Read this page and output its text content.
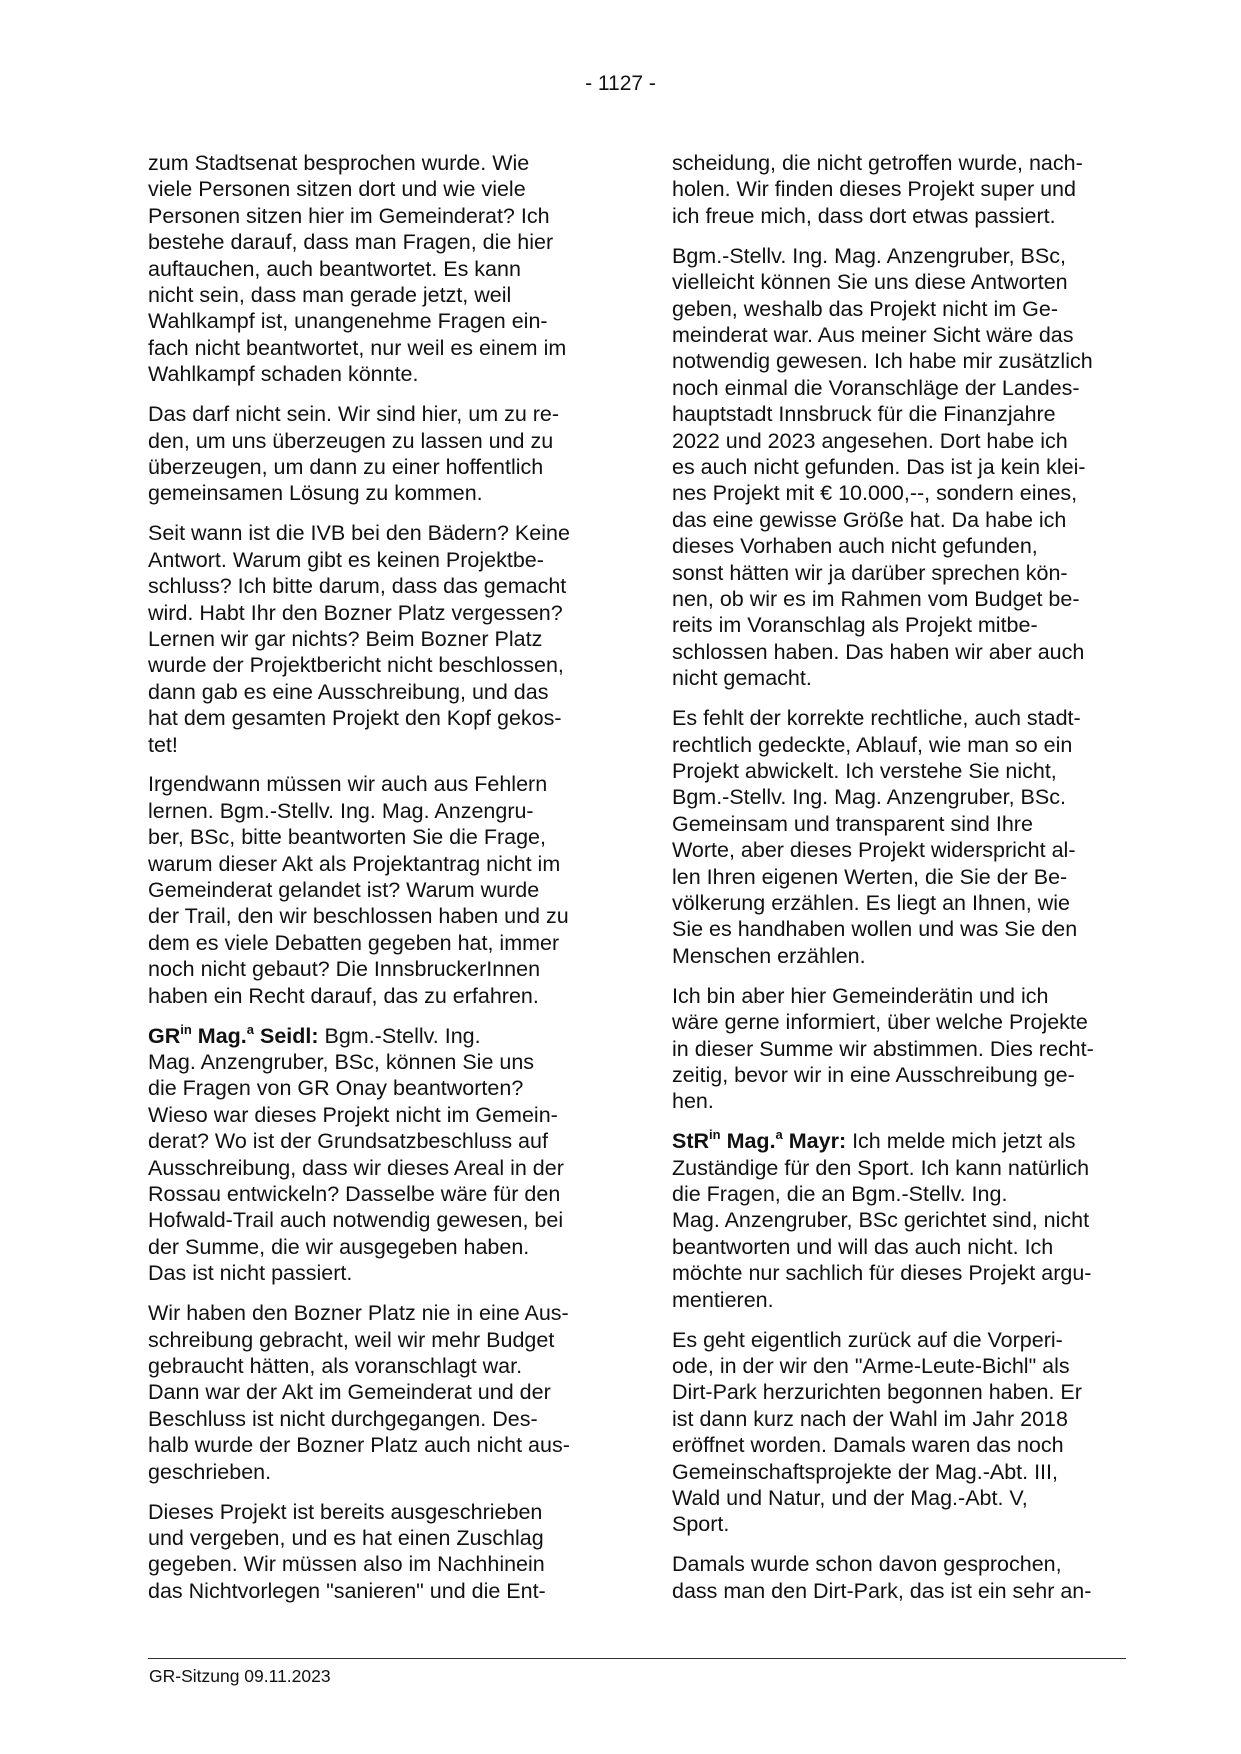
- 1127 -
zum Stadtsenat besprochen wurde. Wie
viele Personen sitzen dort und wie viele
Personen sitzen hier im Gemeinderat? Ich
bestehe darauf, dass man Fragen, die hier
auftauchen, auch beantwortet. Es kann
nicht sein, dass man gerade jetzt, weil
Wahlkampf ist, unangenehme Fragen ein-
fach nicht beantwortet, nur weil es einem im
Wahlkampf schaden könnte.
Das darf nicht sein. Wir sind hier, um zu re-
den, um uns überzeugen zu lassen und zu
überzeugen, um dann zu einer hoffentlich
gemeinsamen Lösung zu kommen.
Seit wann ist die IVB bei den Bädern? Keine
Antwort. Warum gibt es keinen Projektbe-
schluss? Ich bitte darum, dass das gemacht
wird. Habt Ihr den Bozner Platz vergessen?
Lernen wir gar nichts? Beim Bozner Platz
wurde der Projektbericht nicht beschlossen,
dann gab es eine Ausschreibung, und das
hat dem gesamten Projekt den Kopf gekos-
tet!
Irgendwann müssen wir auch aus Fehlern
lernen. Bgm.-Stellv. Ing. Mag. Anzengru-
ber, BSc, bitte beantworten Sie die Frage,
warum dieser Akt als Projektantrag nicht im
Gemeinderat gelandet ist? Warum wurde
der Trail, den wir beschlossen haben und zu
dem es viele Debatten gegeben hat, immer
noch nicht gebaut? Die InnsbruckerInnen
haben ein Recht darauf, das zu erfahren.
$GR^{in}$ Mag.$^a$ Seidl: Bgm.-Stellv. Ing.
Mag. Anzengruber, BSc, können Sie uns
die Fragen von GR Onay beantworten?
Wieso war dieses Projekt nicht im Gemein-
derat? Wo ist der Grundsatzbeschluss auf
Ausschreibung, dass wir dieses Areal in der
Rossau entwickeln? Dasselbe wäre für den
Hofwald-Trail auch notwendig gewesen, bei
der Summe, die wir ausgegeben haben.
Das ist nicht passiert.
Wir haben den Bozner Platz nie in eine Aus-
schreibung gebracht, weil wir mehr Budget
gebraucht hätten, als voranschlagt war.
Dann war der Akt im Gemeinderat und der
Beschluss ist nicht durchgegangen. Des-
halb wurde der Bozner Platz auch nicht aus-
geschrieben.
Dieses Projekt ist bereits ausgeschrieben
und vergeben, und es hat einen Zuschlag
gegeben. Wir müssen also im Nachhinein
das Nichtvorlegen "sanieren" und die Ent-
scheidung, die nicht getroffen wurde, nach-
holen. Wir finden dieses Projekt super und
ich freue mich, dass dort etwas passiert.
Bgm.-Stellv. Ing. Mag. Anzengruber, BSc,
vielleicht können Sie uns diese Antworten
geben, weshalb das Projekt nicht im Ge-
meinderat war. Aus meiner Sicht wäre das
notwendig gewesen. Ich habe mir zusätzlich
noch einmal die Voranschläge der Landes-
hauptstadt Innsbruck für die Finanzjahre
2022 und 2023 angesehen. Dort habe ich
es auch nicht gefunden. Das ist ja kein klei-
nes Projekt mit € 10.000,--, sondern eines,
das eine gewisse Größe hat. Da habe ich
dieses Vorhaben auch nicht gefunden,
sonst hätten wir ja darüber sprechen kön-
nen, ob wir es im Rahmen vom Budget be-
reits im Voranschlag als Projekt mitbe-
schlossen haben. Das haben wir aber auch
nicht gemacht.
Es fehlt der korrekte rechtliche, auch stadt-
rechtlich gedeckte, Ablauf, wie man so ein
Projekt abwickelt. Ich verstehe Sie nicht,
Bgm.-Stellv. Ing. Mag. Anzengruber, BSc.
Gemeinsam und transparent sind Ihre
Worte, aber dieses Projekt widerspricht al-
len Ihren eigenen Werten, die Sie der Be-
völkerung erzählen. Es liegt an Ihnen, wie
Sie es handhaben wollen und was Sie den
Menschen erzählen.
Ich bin aber hier Gemeinderätin und ich
wäre gerne informiert, über welche Projekte
in dieser Summe wir abstimmen. Dies recht-
zeitig, bevor wir in eine Ausschreibung ge-
hen.
StR$^{in}$ Mag.$^a$ Mayr: Ich melde mich jetzt als
Zuständige für den Sport. Ich kann natürlich
die Fragen, die an Bgm.-Stellv. Ing.
Mag. Anzengruber, BSc gerichtet sind, nicht
beantworten und will das auch nicht. Ich
möchte nur sachlich für dieses Projekt argu-
mentieren.
Es geht eigentlich zurück auf die Vorperi-
ode, in der wir den "Arme-Leute-Bichl" als
Dirt-Park herzurichten begonnen haben. Er
ist dann kurz nach der Wahl im Jahr 2018
eröffnet worden. Damals waren das noch
Gemeinschaftsprojekte der Mag.-Abt. III,
Wald und Natur, und der Mag.-Abt. V,
Sport.
Damals wurde schon davon gesprochen,
dass man den Dirt-Park, das ist ein sehr an-
GR-Sitzung 09.11.2023
